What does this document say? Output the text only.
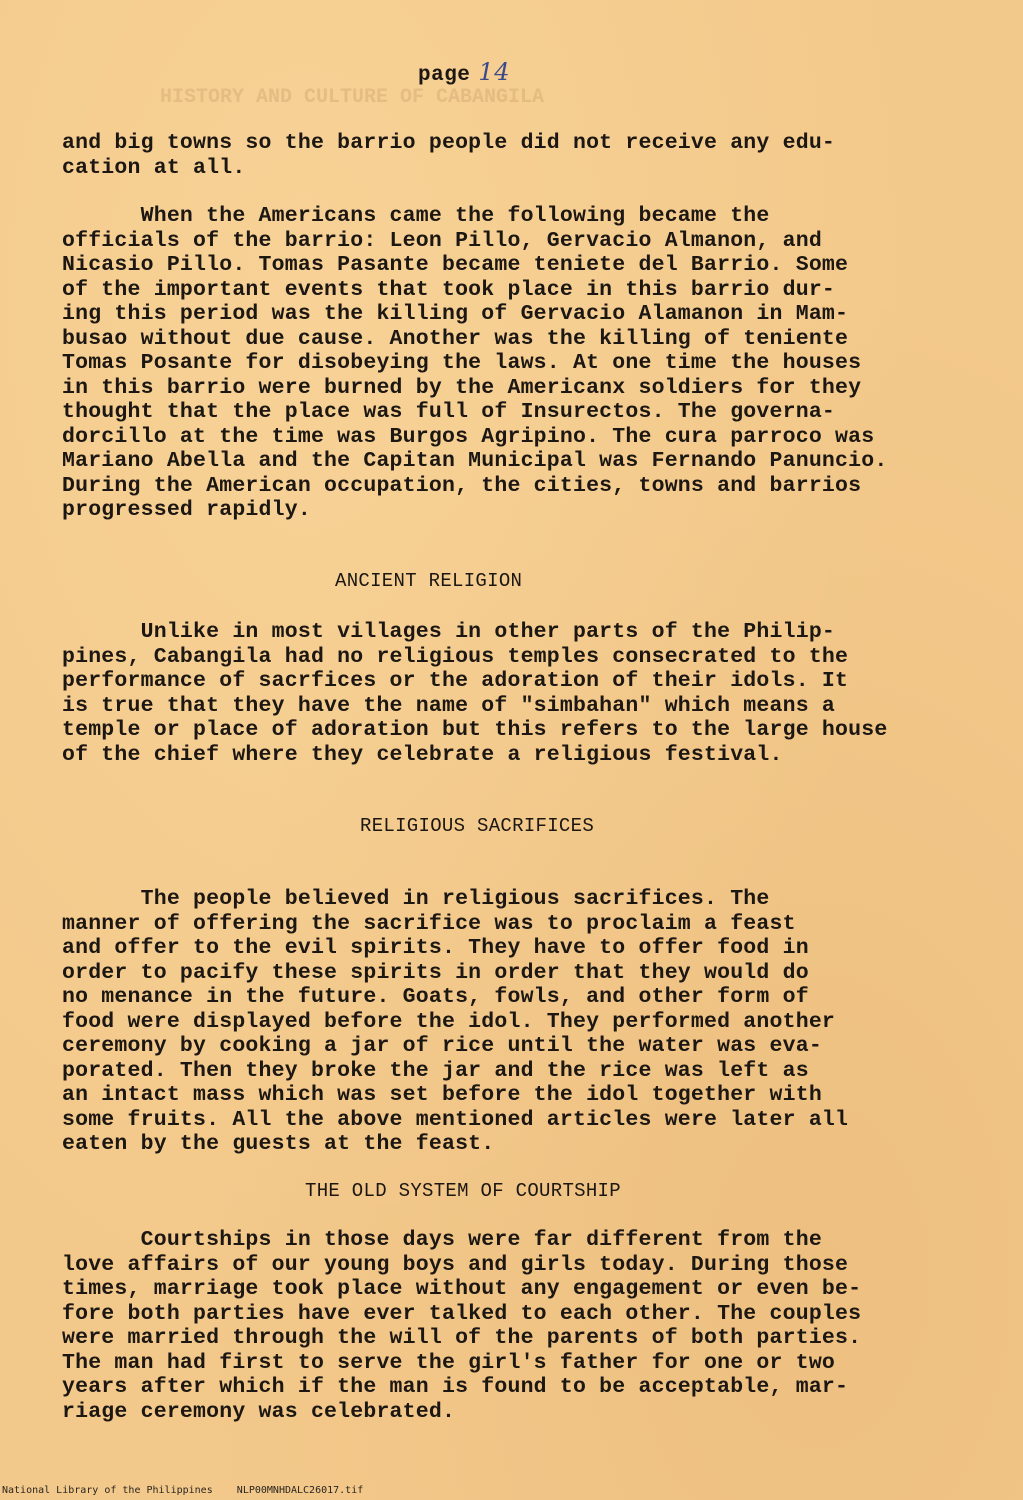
HISTORY AND CULTURE OF CABANGILA
page 14
and big towns so the barrio people did not receive any edu-
cation at all.
When the Americans came the following became the
officials of the barrio: Leon Pillo, Gervacio Almanon, and
Nicasio Pillo. Tomas Pasante became teniete del Barrio. Some
of the important events that took place in this barrio dur-
ing this period was the killing of Gervacio Alamanon in Mam-
busao without due cause. Another was the killing of teniente
Tomas Posante for disobeying the laws. At one time the houses
in this barrio were burned by the Americanx soldiers for they
thought that the place was full of Insurectos. The governa-
dorcillo at the time was Burgos Agripino. The cura parroco was
Mariano Abella and the Capitan Municipal was Fernando Panuncio.
During the American occupation, the cities, towns and barrios
progressed rapidly.
ANCIENT RELIGION
Unlike in most villages in other parts of the Philip-
pines, Cabangila had no religious temples consecrated to the
performance of sacrfices or the adoration of their idols. It
is true that they have the name of "simbahan" which means a
temple or place of adoration but this refers to the large house
of the chief where they celebrate a religious festival.
RELIGIOUS SACRIFICES
The people believed in religious sacrifices. The
manner of offering the sacrifice was to proclaim a feast
and offer to the evil spirits. They have to offer food in
order to pacify these spirits in order that they would do
no menance in the future. Goats, fowls, and other form of
food were displayed before the idol. They performed another
ceremony by cooking a jar of rice until the water was eva-
porated. Then they broke the jar and the rice was left as
an intact mass which was set before the idol together with
some fruits. All the above mentioned articles were later all
eaten by the guests at the feast.
THE OLD SYSTEM OF COURTSHIP
Courtships in those days were far different from the
love affairs of our young boys and girls today. During those
times, marriage took place without any engagement or even be-
fore both parties have ever talked to each other. The couples
were married through the will of the parents of both parties.
The man had first to serve the girl's father for one or two
years after which if the man is found to be acceptable, mar-
riage ceremony was celebrated.
National Library of the Philippines    NLP00MNHDALC26017.tif
